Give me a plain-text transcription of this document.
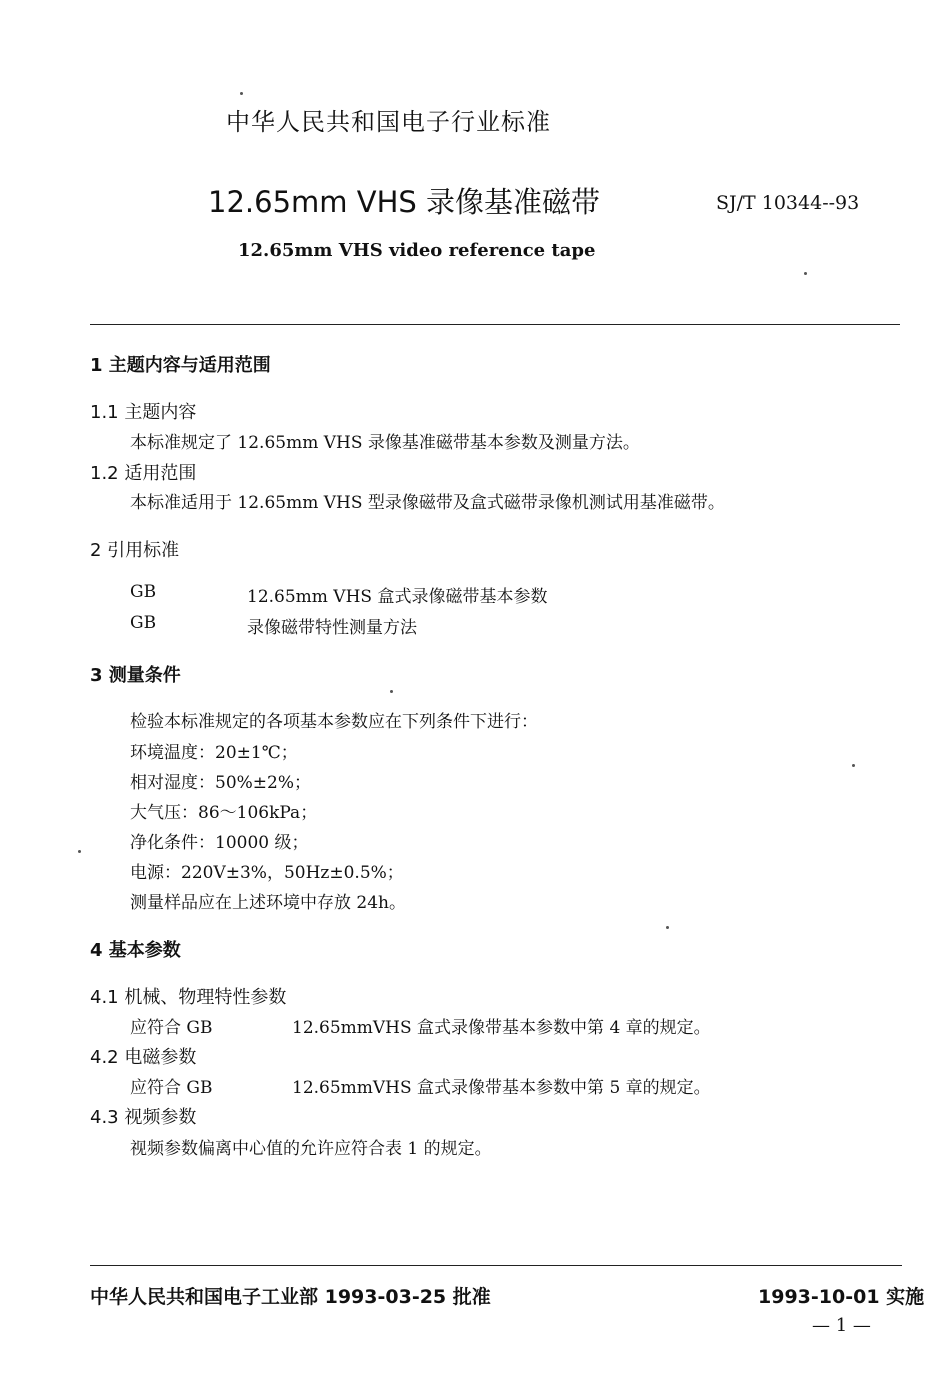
中华人民共和国电子行业标准
12.65mm VHS 录像基准磁带	SJ/T 10344--93
12.65mm VHS video reference tape
1 主题内容与适用范围
1.1 主题内容
本标准规定了 12.65mm VHS 录像基准磁带基本参数及测量方法。
1.2 适用范围
本标准适用于 12.65mm VHS 型录像磁带及盒式磁带录像机测试用基准磁带。
2 引用标准
GB	12.65mm VHS 盒式录像磁带基本参数
GB	录像磁带特性测量方法
3 测量条件
检验本标准规定的各项基本参数应在下列条件下进行：
环境温度：20±1℃；
相对湿度：50%±2%；
大气压：86～106kPa；
净化条件：10000 级；
电源：220V±3%，50Hz±0.5%；
测量样品应在上述环境中存放 24h。
4 基本参数
4.1 机械、物理特性参数
应符合 GB	12.65mmVHS 盒式录像带基本参数中第 4 章的规定。
4.2 电磁参数
应符合 GB	12.65mmVHS 盒式录像带基本参数中第 5 章的规定。
4.3 视频参数
视频参数偏离中心值的允许应符合表 1 的规定。
中华人民共和国电子工业部 1993-03-25 批准	1993-10-01 实施
— 1 —
